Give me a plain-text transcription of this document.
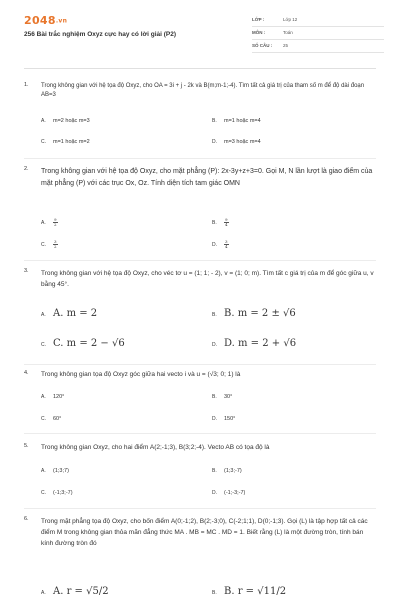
2048.vn
256 Bài trắc nghiệm Oxyz cực hay có lời giải (P2)
LỚP :	Lớp 12
MÔN :	Toán
SỐ CÂU : 25
1. Trong không gian với hệ tọa độ Oxyz, cho OA = 3i + j - 2k và B(m;m-1;-4). Tìm tất cả giá trị của tham số m để độ dài đoạn AB=3
A. m=2 hoặc m=3	B. m=1 hoặc m=4
C. m=1 hoặc m=2	D. m=3 hoặc m=4
2. Trong không gian với hệ tọa độ Oxyz, cho mặt phẳng (P): 2x-3y+z+3=0. Gọi M, N lần lượt là giao điểm của mặt phẳng (P) với các trục Ox, Oz. Tính diện tích tam giác OMN
A. $\frac{9}{2}$	B. $\frac{9}{4}$
C. $\frac{3}{2}$	D. $\frac{3}{4}$
3. Trong không gian với hệ tọa độ Oxyz, cho véc tơ u = (1; 1; - 2), v = (1; 0; m). Tìm tất c giá trị của m để góc giữa u, v bằng 45°.
A. A. m = 2	B. B. m = 2 ± √6
C. C. m = 2 − √6	D. D. m = 2 + √6
4. Trong không gian tọa độ Oxyz góc giữa hai vecto i và u = (√3; 0; 1) là
A. 120°	B. 30°
C. 60°	D. 150°
5. Trong không gian Oxyz, cho hai điểm A(2;-1;3), B(3;2;-4). Vecto AB có tọa độ là
A. (1;3;7)	B. (1;3;-7)
C. (-1;3;-7)	D. (-1;-3;-7)
6. Trong mặt phẳng tọa độ Oxyz, cho bốn điểm A(0;-1;2), B(2;-3;0), C(-2;1;1), D(0;-1;3). Gọi (L) là tập hợp tất cả các điểm M trong không gian thỏa mãn đẳng thức MA . MB = MC . MD = 1. Biết rằng (L) là một đường tròn, tính bán kính đường tròn đó
A. A. r = √5/2	B. B. r = √11/2
